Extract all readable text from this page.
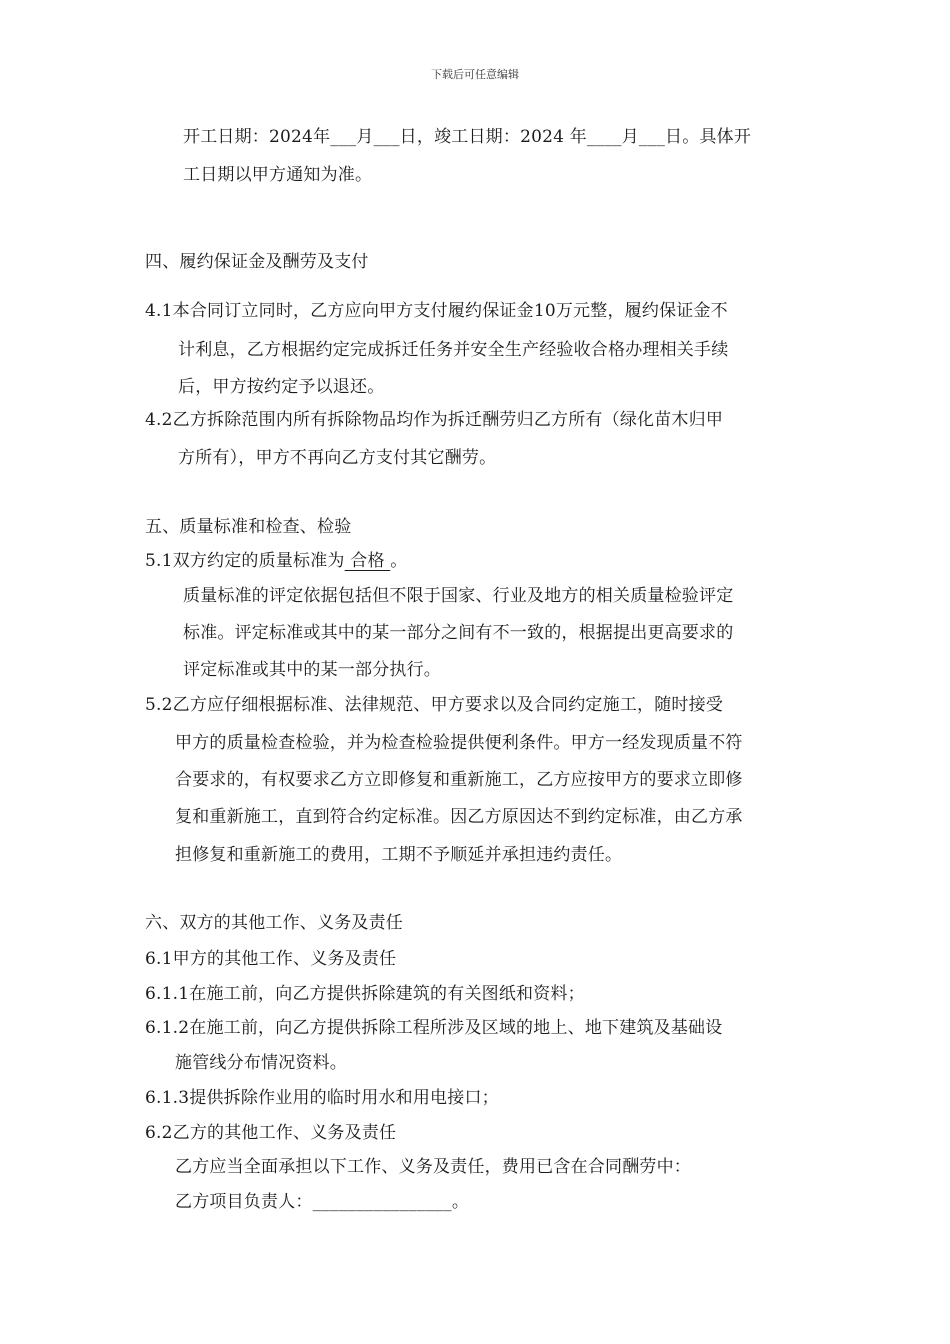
下载后可任意编辑
开工日期：2024年___月___日，竣工日期：2024 年____月___日。具体开
工日期以甲方通知为准。
四、履约保证金及酬劳及支付
4.1本合同订立同时，乙方应向甲方支付履约保证金10万元整，履约保证金不
计利息，乙方根据约定完成拆迁任务并安全生产经验收合格办理相关手续
后，甲方按约定予以退还。
4.2乙方拆除范围内所有拆除物品均作为拆迁酬劳归乙方所有（绿化苗木归甲
方所有），甲方不再向乙方支付其它酬劳。
五、质量标准和检查、检验
5.1双方约定的质量标准为 合格 。
质量标准的评定依据包括但不限于国家、行业及地方的相关质量检验评定
标准。评定标准或其中的某一部分之间有不一致的，根据提出更高要求的
评定标准或其中的某一部分执行。
5.2乙方应仔细根据标准、法律规范、甲方要求以及合同约定施工，随时接受
甲方的质量检查检验，并为检查检验提供便利条件。甲方一经发现质量不符
合要求的，有权要求乙方立即修复和重新施工，乙方应按甲方的要求立即修
复和重新施工，直到符合约定标准。因乙方原因达不到约定标准，由乙方承
担修复和重新施工的费用，工期不予顺延并承担违约责任。
六、双方的其他工作、义务及责任
6.1甲方的其他工作、义务及责任
6.1.1在施工前，向乙方提供拆除建筑的有关图纸和资料；
6.1.2在施工前，向乙方提供拆除工程所涉及区域的地上、地下建筑及基础设
施管线分布情况资料。
6.1.3提供拆除作业用的临时用水和用电接口；
6.2乙方的其他工作、义务及责任
乙方应当全面承担以下工作、义务及责任，费用已含在合同酬劳中：
乙方项目负责人：________________。
